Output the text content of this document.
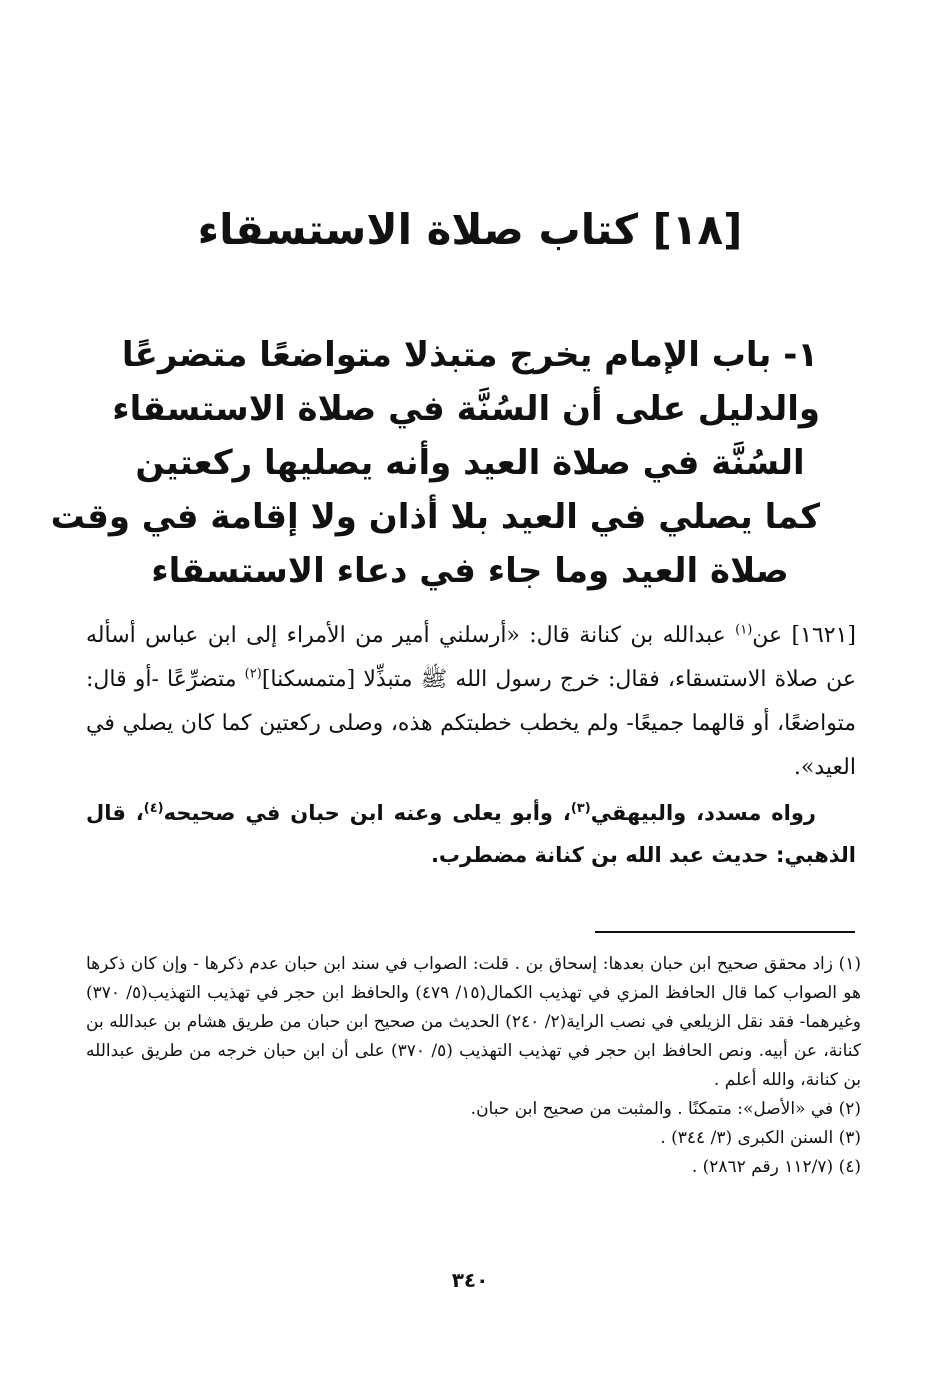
[١٨] كتاب صلاة الاستسقاء
١- باب الإمام يخرج متبذلا متواضعًا متضرعًا
والدليل على أن السُنَّة في صلاة الاستسقاء
السُنَّة في صلاة العيد وأنه يصليها ركعتين
كما يصلي في العيد بلا أذان ولا إقامة في وقت
صلاة العيد وما جاء في دعاء الاستسقاء

[١٦٢١] عن$^{(١)}$ عبدالله بن كنانة قال: «أرسلني أمير من الأمراء إلى ابن عباس أسأله عن صلاة الاستسقاء، فقال: خرج رسول الله ﷺ متبذِّلا [متمسكنا]$^{(٢)}$ متضرِّعًا -أو قال: متواضعًا، أو قالهما جميعًا- ولم يخطب خطبتكم هذه، وصلى ركعتين كما كان يصلي في العيد».

رواه مسدد، والبيهقي$^{(٣)}$، وأبو يعلى وعنه ابن حبان في صحيحه$^{(٤)}$، قال الذهبي: حديث عبد الله بن كنانة مضطرب.

(١) زاد محقق صحيح ابن حبان بعدها: إسحاق بن . قلت: الصواب في سند ابن حبان عدم ذكرها - وإن كان ذكرها هو الصواب كما قال الحافظ المزي في تهذيب الكمال(١٥/ ٤٧٩) والحافظ ابن حجر في تهذيب التهذيب(٥/ ٣٧٠) وغيرهما- فقد نقل الزيلعي في نصب الراية(٢/ ٢٤٠) الحديث من صحيح ابن حبان من طريق هشام بن عبدالله بن كنانة، عن أبيه. ونص الحافظ ابن حجر في تهذيب التهذيب (٥/ ٣٧٠) على أن ابن حبان خرجه من طريق عبدالله بن كنانة، والله أعلم .
(٢) في «الأصل»: متمكنًا . والمثبت من صحيح ابن حبان.
(٣) السنن الكبرى (٣/ ٣٤٤) .
(٤) (١١٢/٧ رقم ٢٨٦٢) .
٣٤٠
